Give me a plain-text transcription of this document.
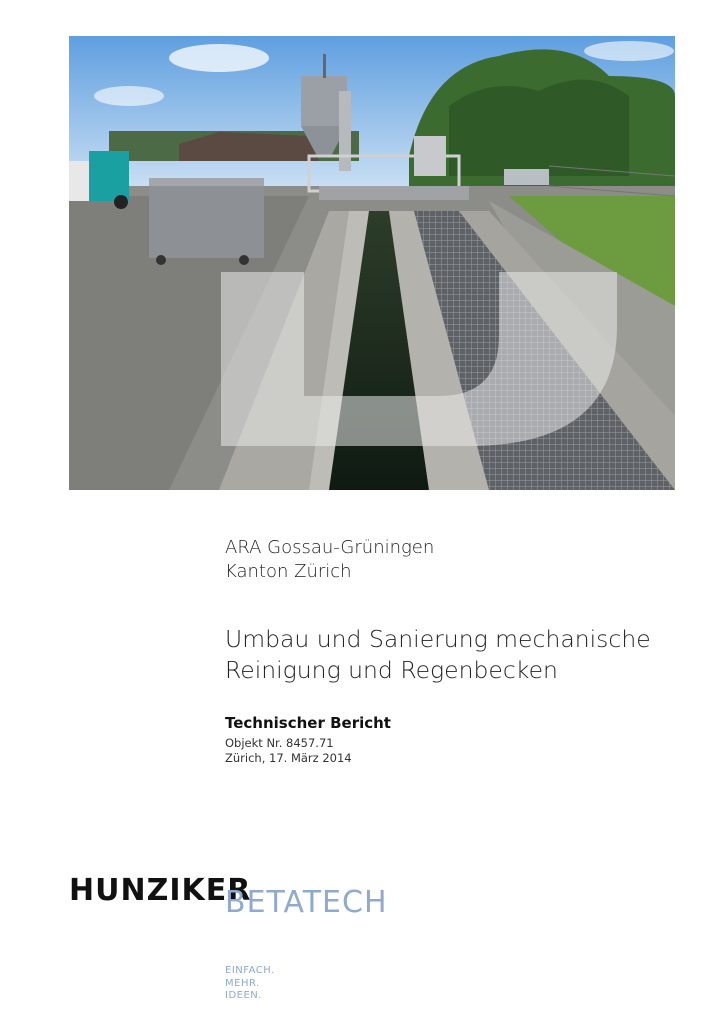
ARA Gossau-Grüningen
Kanton Zürich
Umbau und Sanierung mechanische
Reinigung und Regenbecken
Technischer Bericht
Objekt Nr. 8457.71
Zürich, 17. März 2014
HUNZIKER
BETATECH
EINFACH.
MEHR.
IDEEN.
